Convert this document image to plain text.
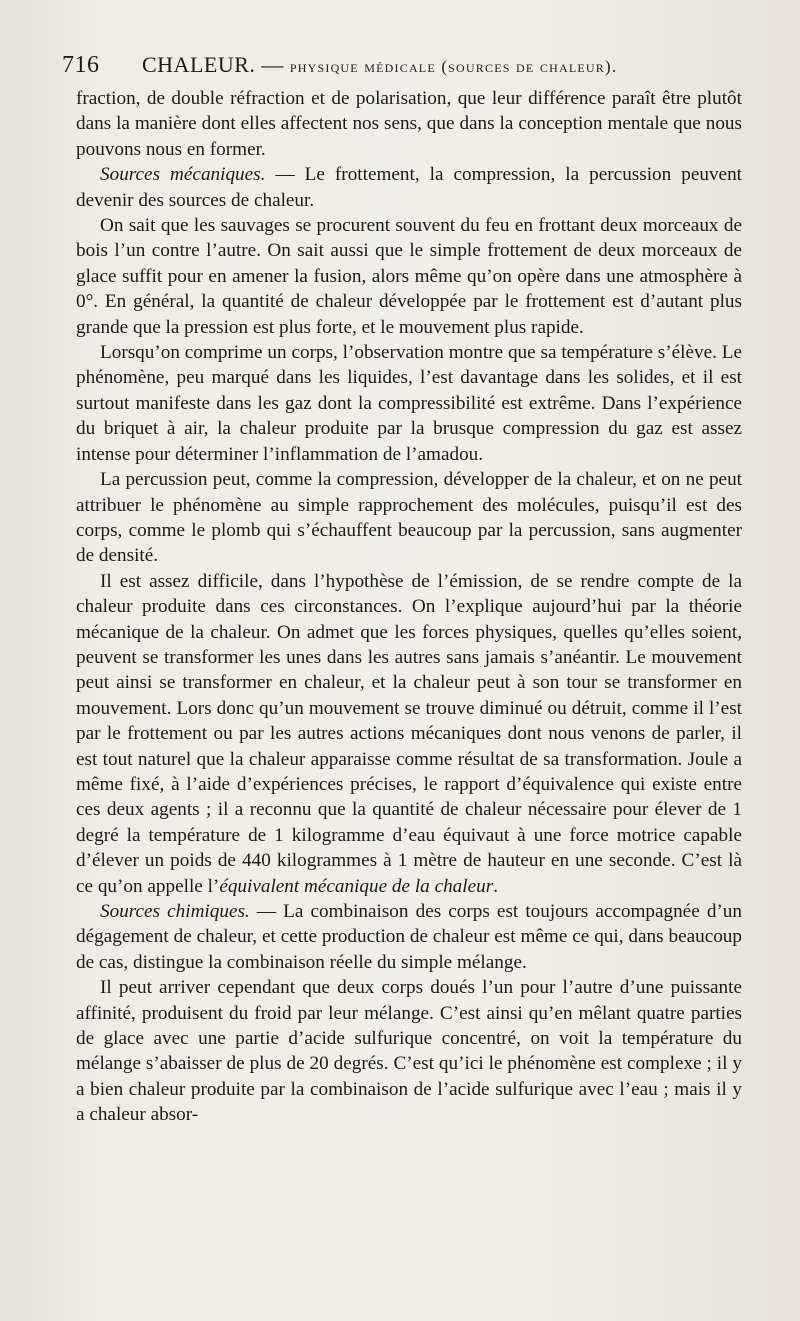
716 CHALEUR. — physique médicale (sources de chaleur).

fraction, de double réfraction et de polarisation, que leur différence paraît être plutôt dans la manière dont elles affectent nos sens, que dans la conception mentale que nous pouvons nous en former.

Sources mécaniques. — Le frottement, la compression, la percussion peuvent devenir des sources de chaleur.

On sait que les sauvages se procurent souvent du feu en frottant deux morceaux de bois l’un contre l’autre. On sait aussi que le simple frottement de deux morceaux de glace suffit pour en amener la fusion, alors même qu’on opère dans une atmosphère à 0°. En général, la quantité de chaleur développée par le frottement est d’autant plus grande que la pression est plus forte, et le mouvement plus rapide.

Lorsqu’on comprime un corps, l’observation montre que sa température s’élève. Le phénomène, peu marqué dans les liquides, l’est davantage dans les solides, et il est surtout manifeste dans les gaz dont la compressibilité est extrême. Dans l’expérience du briquet à air, la chaleur produite par la brusque compression du gaz est assez intense pour déterminer l’inflammation de l’amadou.

La percussion peut, comme la compression, développer de la chaleur, et on ne peut attribuer le phénomène au simple rapprochement des molécules, puisqu’il est des corps, comme le plomb qui s’échauffent beaucoup par la percussion, sans augmenter de densité.

Il est assez difficile, dans l’hypothèse de l’émission, de se rendre compte de la chaleur produite dans ces circonstances. On l’explique aujourd’hui par la théorie mécanique de la chaleur. On admet que les forces physiques, quelles qu’elles soient, peuvent se transformer les unes dans les autres sans jamais s’anéantir. Le mouvement peut ainsi se transformer en chaleur, et la chaleur peut à son tour se transformer en mouvement. Lors donc qu’un mouvement se trouve diminué ou détruit, comme il l’est par le frottement ou par les autres actions mécaniques dont nous venons de parler, il est tout naturel que la chaleur apparaisse comme résultat de sa transformation. Joule a même fixé, à l’aide d’expériences précises, le rapport d’équivalence qui existe entre ces deux agents ; il a reconnu que la quantité de chaleur nécessaire pour élever de 1 degré la température de 1 kilogramme d’eau équivaut à une force motrice capable d’élever un poids de 440 kilogrammes à 1 mètre de hauteur en une seconde. C’est là ce qu’on appelle l’équivalent mécanique de la chaleur.

Sources chimiques. — La combinaison des corps est toujours accompagnée d’un dégagement de chaleur, et cette production de chaleur est même ce qui, dans beaucoup de cas, distingue la combinaison réelle du simple mélange.

Il peut arriver cependant que deux corps doués l’un pour l’autre d’une puissante affinité, produisent du froid par leur mélange. C’est ainsi qu’en mêlant quatre parties de glace avec une partie d’acide sulfurique concentré, on voit la température du mélange s’abaisser de plus de 20 degrés. C’est qu’ici le phénomène est complexe ; il y a bien chaleur produite par la combinaison de l’acide sulfurique avec l’eau ; mais il y a chaleur absor-
